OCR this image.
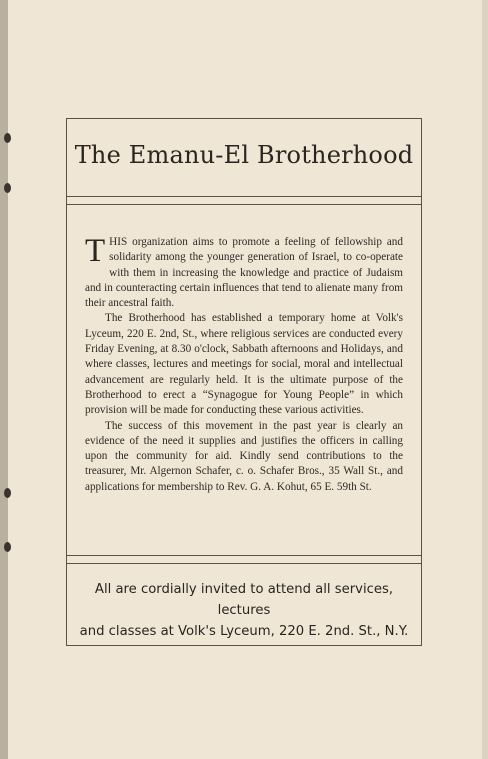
The Emanu-El Brotherhood

THIS organization aims to promote a feeling of fellowship and solidarity among the younger generation of Israel, to co-operate with them in increasing the knowledge and practice of Judaism and in counteracting certain influences that tend to alienate many from their ancestral faith.

The Brotherhood has established a temporary home at Volk's Lyceum, 220 E. 2nd, St., where religious services are conducted every Friday Evening, at 8.30 o'clock, Sabbath afternoons and Holidays, and where classes, lectures and meetings for social, moral and intellectual advancement are regularly held. It is the ultimate purpose of the Brotherhood to erect a “Synagogue for Young People” in which provision will be made for conducting these various activities.

The success of this movement in the past year is clearly an evidence of the need it supplies and justifies the officers in calling upon the community for aid. Kindly send contributions to the treasurer, Mr. Algernon Schafer, c. o. Schafer Bros., 35 Wall St., and applications for membership to Rev. G. A. Kohut, 65 E. 59th St.

All are cordially invited to attend all services, lectures
and classes at Volk's Lyceum, 220 E. 2nd. St., N.Y.
